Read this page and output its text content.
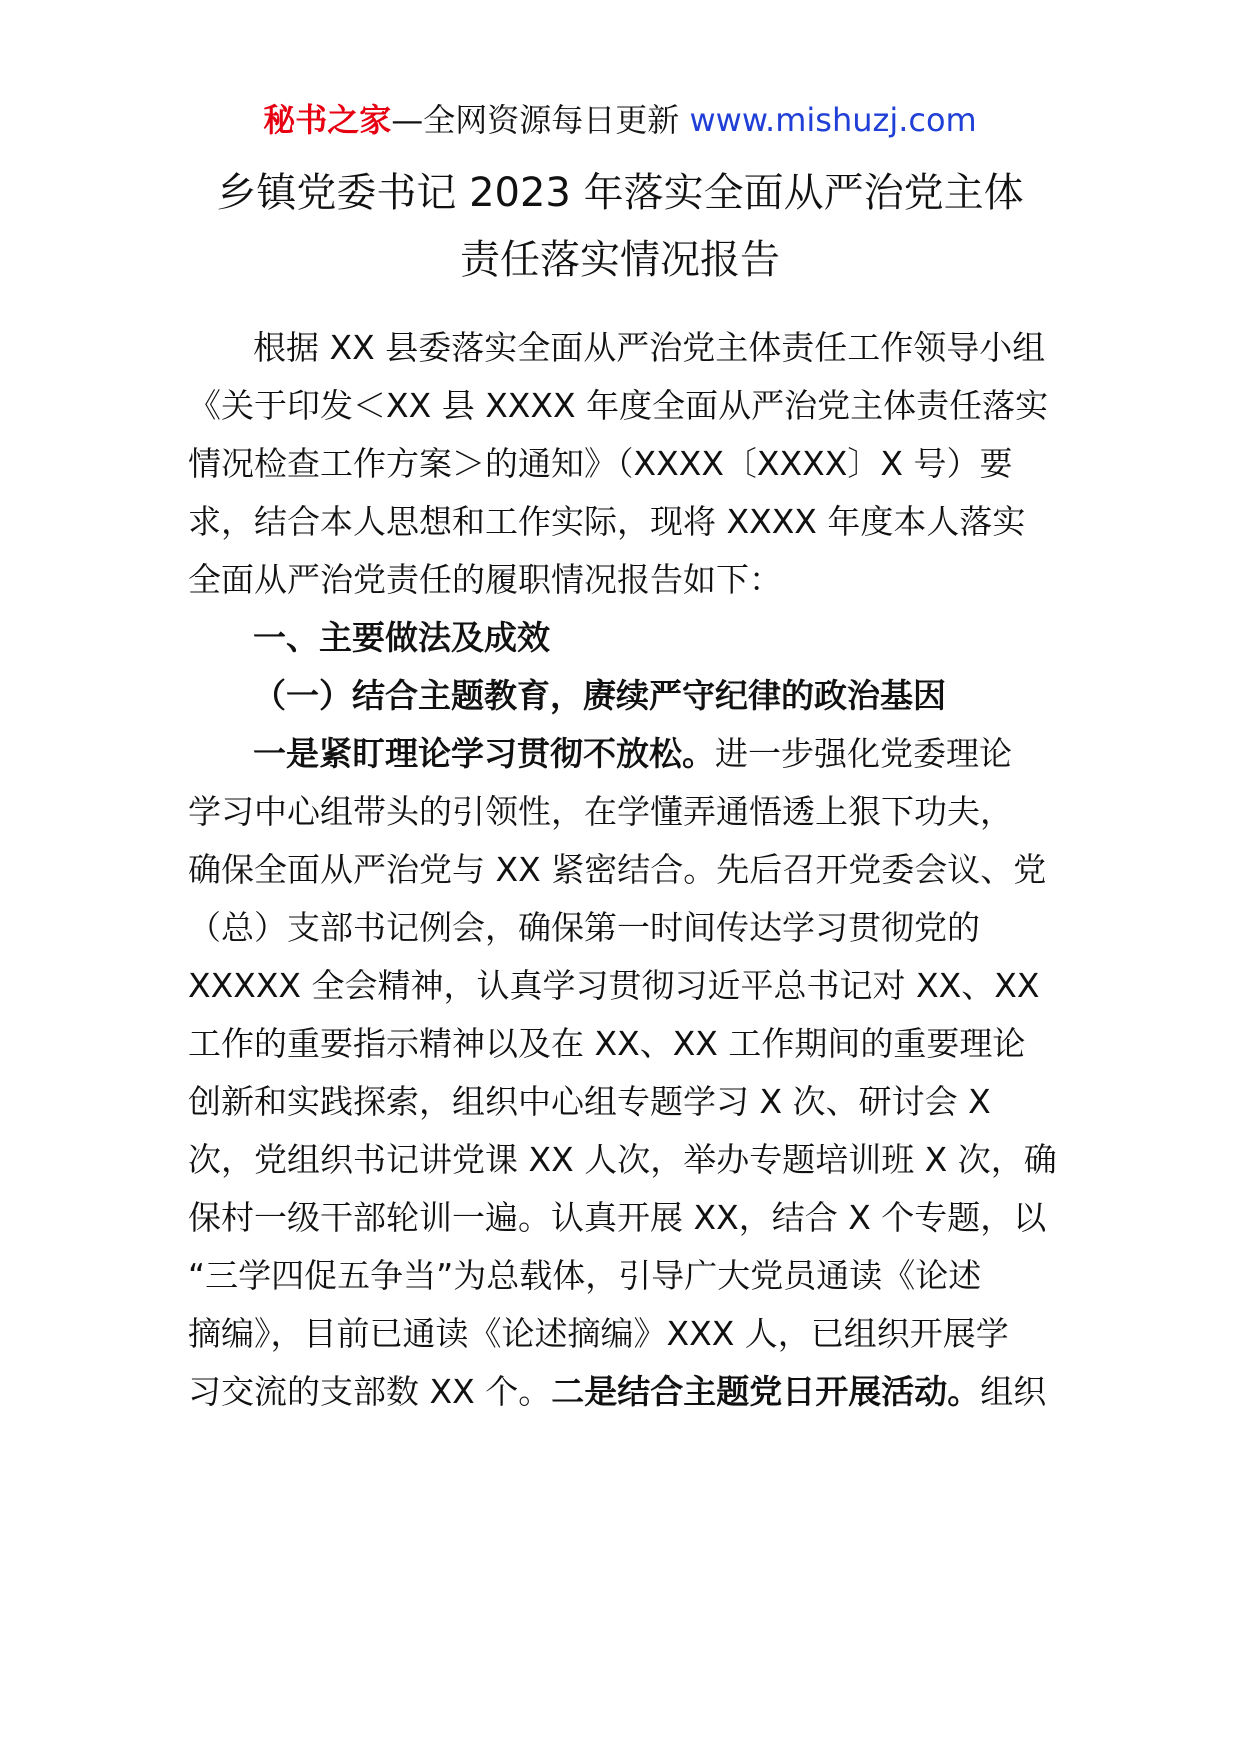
秘书之家—全网资源每日更新 www.mishuzj.com
乡镇党委书记 2023 年落实全面从严治党主体
责任落实情况报告
根据 XX 县委落实全面从严治党主体责任工作领导小组
《关于印发＜XX 县 XXXX 年度全面从严治党主体责任落实
情况检查工作方案＞的通知》（XXXX〔XXXX〕X 号）要
求，结合本人思想和工作实际，现将 XXXX 年度本人落实
全面从严治党责任的履职情况报告如下：
一、主要做法及成效
（一）结合主题教育，赓续严守纪律的政治基因
一是紧盯理论学习贯彻不放松。进一步强化党委理论
学习中心组带头的引领性，在学懂弄通悟透上狠下功夫，
确保全面从严治党与 XX 紧密结合。先后召开党委会议、党
（总）支部书记例会，确保第一时间传达学习贯彻党的
XXXXX 全会精神，认真学习贯彻习近平总书记对 XX、XX
工作的重要指示精神以及在 XX、XX 工作期间的重要理论
创新和实践探索，组织中心组专题学习 X 次、研讨会 X
次，党组织书记讲党课 XX 人次，举办专题培训班 X 次，确
保村一级干部轮训一遍。认真开展 XX，结合 X 个专题，以
“三学四促五争当”为总载体，引导广大党员通读《论述
摘编》，目前已通读《论述摘编》XXX 人，已组织开展学
习交流的支部数 XX 个。二是结合主题党日开展活动。组织
